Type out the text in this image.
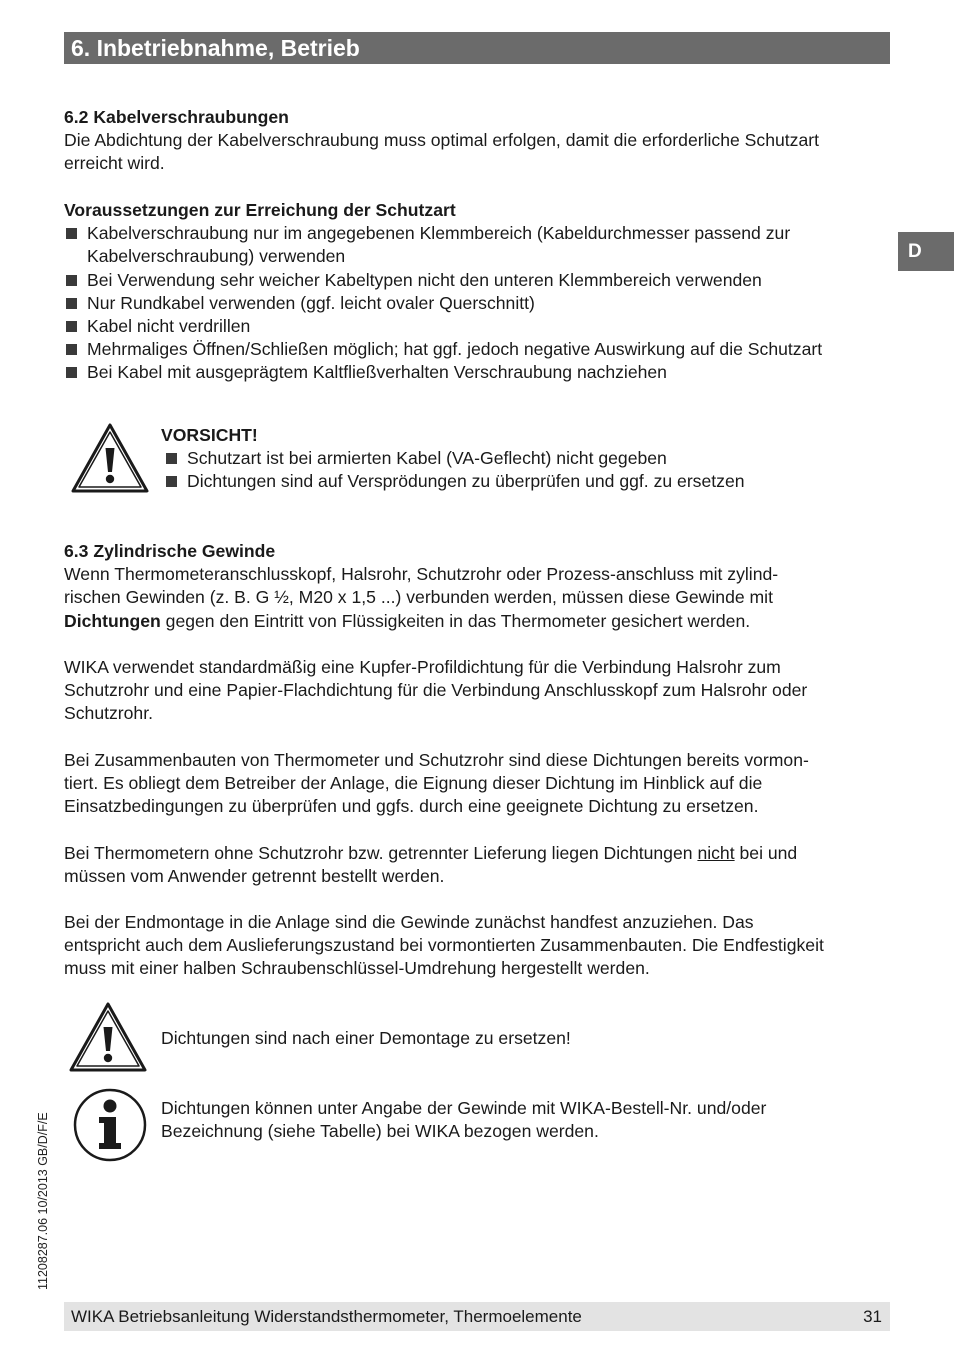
6. Inbetriebnahme, Betrieb
D

6.2 Kabelverschraubungen

Die Abdichtung der Kabelverschraubung muss optimal erfolgen, damit die erforderliche Schutzart

erreicht wird.

Voraussetzungen zur Erreichung der Schutzart

Kabelverschraubung nur im angegebenen Klemmbereich (Kabeldurchmesser passend zur
Kabelverschraubung) verwenden
Bei Verwendung sehr weicher Kabeltypen nicht den unteren Klemmbereich verwenden
Nur Rundkabel verwenden (ggf. leicht ovaler Querschnitt)
Kabel nicht verdrillen
Mehrmaliges Öffnen/Schließen möglich; hat ggf. jedoch negative Auswirkung auf die Schutzart
Bei Kabel mit ausgeprägtem Kaltfließverhalten Verschraubung nachziehen

VORSICHT!

Schutzart ist bei armierten Kabel (VA-Geflecht) nicht gegeben
Dichtungen sind auf Versprödungen zu überprüfen und ggf. zu ersetzen

6.3 Zylindrische Gewinde

Wenn Thermometeranschlusskopf, Halsrohr, Schutzrohr oder Prozess-anschluss mit zylind-

rischen Gewinden (z. B. G ½, M20 x 1,5 ...) verbunden werden, müssen diese Gewinde mit

Dichtungen gegen den Eintritt von Flüssigkeiten in das Thermometer gesichert werden.

WIKA verwendet standardmäßig eine Kupfer-Profildichtung für die Verbindung Halsrohr zum

Schutzrohr und eine Papier-Flachdichtung für die Verbindung Anschlusskopf zum Halsrohr oder

Schutzrohr.

Bei Zusammenbauten von Thermometer und Schutzrohr sind diese Dichtungen bereits vormon-

tiert. Es obliegt dem Betreiber der Anlage, die Eignung dieser Dichtung im Hinblick auf die

Einsatzbedingungen zu überprüfen und ggfs. durch eine geeignete Dichtung zu ersetzen.

Bei Thermometern ohne Schutzrohr bzw. getrennter Lieferung liegen Dichtungen nicht bei und

müssen vom Anwender getrennt bestellt werden.

Bei der Endmontage in die Anlage sind die Gewinde zunächst handfest anzuziehen. Das

entspricht auch dem Auslieferungszustand bei vormontierten Zusammenbauten. Die Endfestigkeit

muss mit einer halben Schraubenschlüssel-Umdrehung hergestellt werden.

Dichtungen sind nach einer Demontage zu ersetzen!

Dichtungen können unter Angabe der Gewinde mit WIKA-Bestell-Nr. und/oder

Bezeichnung (siehe Tabelle) bei WIKA bezogen werden.

11208287.06 10/2013 GB/D/F/E
WIKA Betriebsanleitung Widerstandsthermometer, Thermoelemente	31
